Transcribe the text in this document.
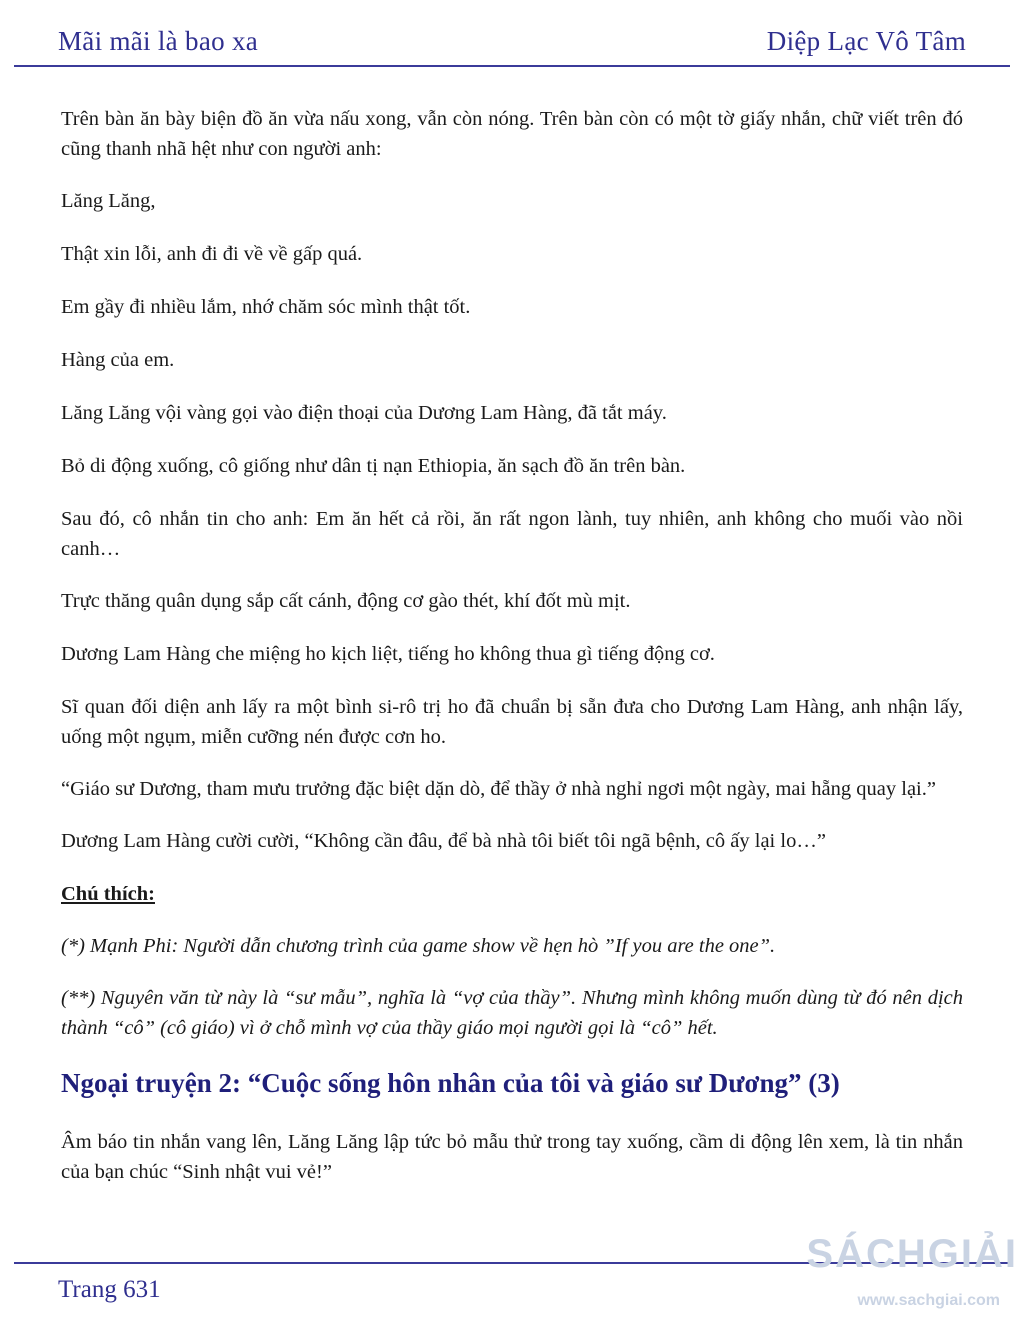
Mãi mãi là bao xa	Diệp Lạc Vô Tâm

Trên bàn ăn bày biện đồ ăn vừa nấu xong, vẫn còn nóng. Trên bàn còn có một tờ giấy nhắn, chữ viết trên đó cũng thanh nhã hệt như con người anh:

Lăng Lăng,

Thật xin lỗi, anh đi đi về về gấp quá.

Em gầy đi nhiều lắm, nhớ chăm sóc mình thật tốt.

Hàng của em.

Lăng Lăng vội vàng gọi vào điện thoại của Dương Lam Hàng, đã tắt máy.

Bỏ di động xuống, cô giống như dân tị nạn Ethiopia, ăn sạch đồ ăn trên bàn.

Sau đó, cô nhắn tin cho anh: Em ăn hết cả rồi, ăn rất ngon lành, tuy nhiên, anh không cho muối vào nồi canh…

Trực thăng quân dụng sắp cất cánh, động cơ gào thét, khí đốt mù mịt.

Dương Lam Hàng che miệng ho kịch liệt, tiếng ho không thua gì tiếng động cơ.

Sĩ quan đối diện anh lấy ra một bình si-rô trị ho đã chuẩn bị sẵn đưa cho Dương Lam Hàng, anh nhận lấy, uống một ngụm, miễn cưỡng nén được cơn ho.

“Giáo sư Dương, tham mưu trưởng đặc biệt dặn dò, để thầy ở nhà nghỉ ngơi một ngày, mai hẵng quay lại.”

Dương Lam Hàng cười cười, “Không cần đâu, để bà nhà tôi biết tôi ngã bệnh, cô ấy lại lo…”

Chú thích:

(*) Mạnh Phi: Người dẫn chương trình của game show về hẹn hò ”If you are the one”.

(**) Nguyên văn từ này là “sư mẫu”, nghĩa là “vợ của thầy”. Nhưng mình không muốn dùng từ đó nên dịch thành “cô” (cô giáo) vì ở chỗ mình vợ của thầy giáo mọi người gọi là “cô” hết.

Ngoại truyện 2: “Cuộc sống hôn nhân của tôi và giáo sư Dương” (3)

Âm báo tin nhắn vang lên, Lăng Lăng lập tức bỏ mẫu thử trong tay xuống, cầm di động lên xem, là tin nhắn của bạn chúc “Sinh nhật vui vẻ!”

Trang 631
SÁCHGIẢI
www.sachgiai.com
